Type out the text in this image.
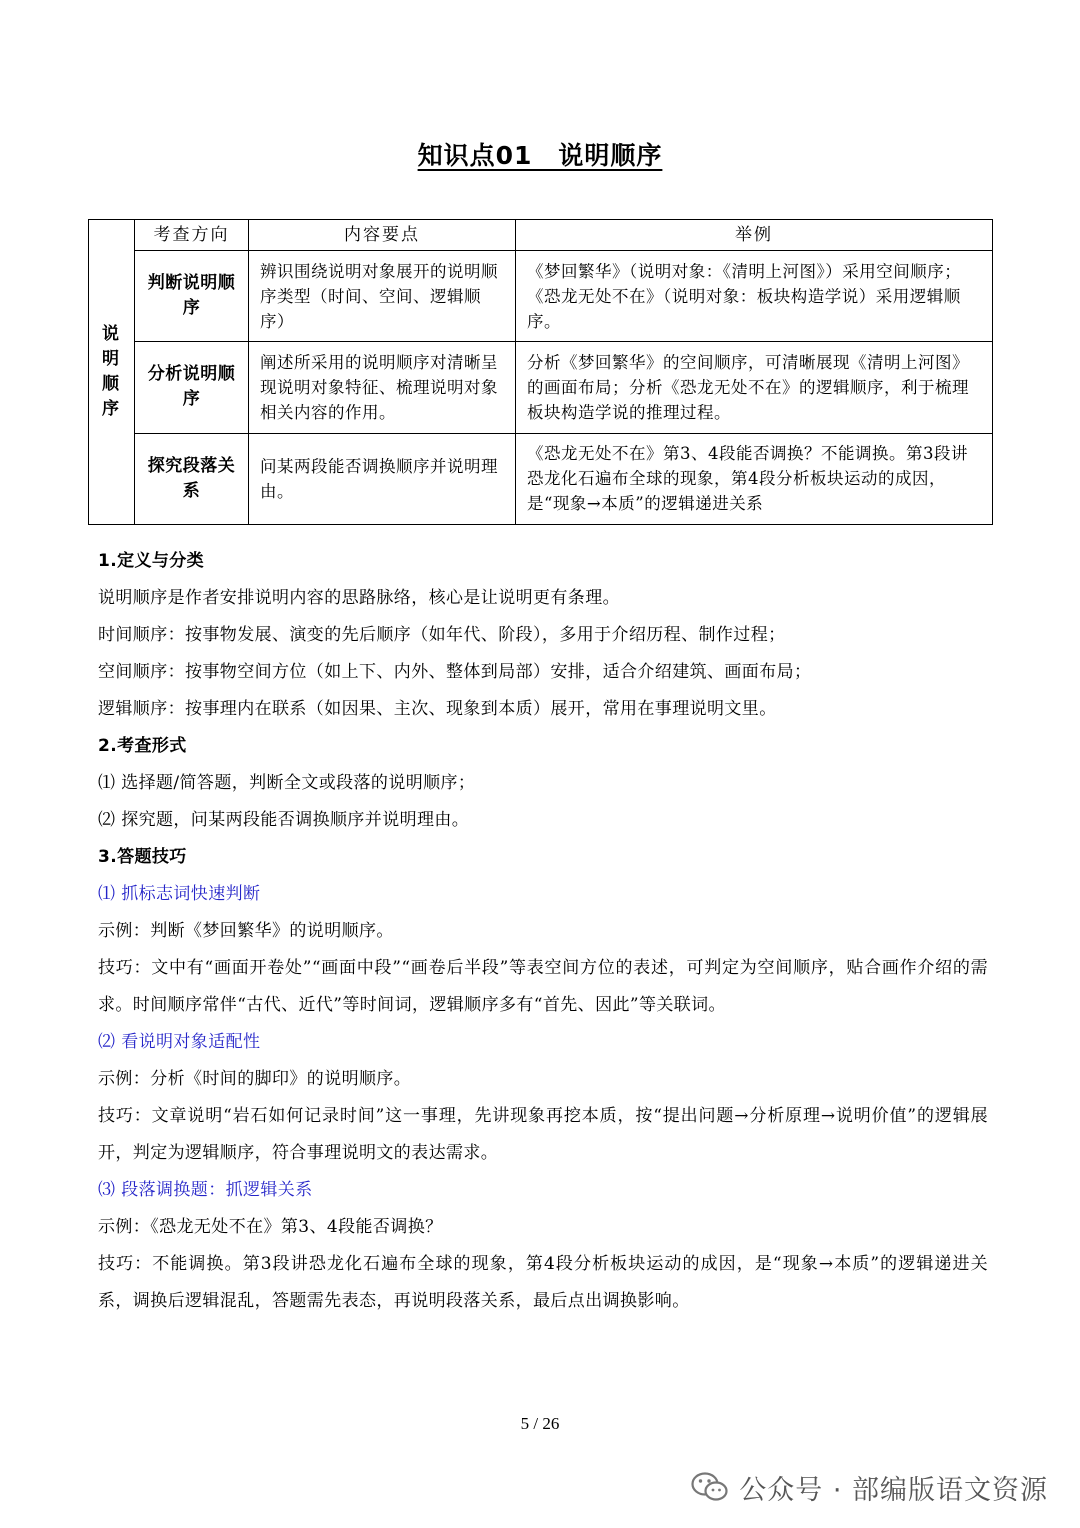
知识点01　说明顺序
说明顺序	考查方向	内容要点	举例
	判断说明顺序	辨识围绕说明对象展开的说明顺序类型（时间、空间、逻辑顺序）	《梦回繁华》（说明对象：《清明上河图》）采用空间顺序；《恐龙无处不在》（说明对象：板块构造学说）采用逻辑顺序。
	分析说明顺序	阐述所采用的说明顺序对清晰呈现说明对象特征、梳理说明对象相关内容的作用。	分析《梦回繁华》的空间顺序，可清晰展现《清明上河图》的画面布局；分析《恐龙无处不在》的逻辑顺序，利于梳理板块构造学说的推理过程。
	探究段落关系	问某两段能否调换顺序并说明理由。	《恐龙无处不在》第3、4段能否调换？不能调换。第3段讲恐龙化石遍布全球的现象，第4段分析板块运动的成因，是“现象→本质”的逻辑递进关系
1.定义与分类
说明顺序是作者安排说明内容的思路脉络，核心是让说明更有条理。
时间顺序：按事物发展、演变的先后顺序（如年代、阶段），多用于介绍历程、制作过程；
空间顺序：按事物空间方位（如上下、内外、整体到局部）安排，适合介绍建筑、画面布局；
逻辑顺序：按事理内在联系（如因果、主次、现象到本质）展开，常用在事理说明文里。
2.考查形式
⑴ 选择题/简答题，判断全文或段落的说明顺序；
⑵ 探究题，问某两段能否调换顺序并说明理由。
3.答题技巧
⑴ 抓标志词快速判断
示例：判断《梦回繁华》的说明顺序。
技巧：文中有“画面开卷处”“画面中段”“画卷后半段”等表空间方位的表述，可判定为空间顺序，贴合画作介绍的需求。时间顺序常伴“古代、近代”等时间词，逻辑顺序多有“首先、因此”等关联词。
⑵ 看说明对象适配性
示例：分析《时间的脚印》的说明顺序。
技巧：文章说明“岩石如何记录时间”这一事理，先讲现象再挖本质，按“提出问题→分析原理→说明价值”的逻辑展开，判定为逻辑顺序，符合事理说明文的表达需求。
⑶ 段落调换题：抓逻辑关系
示例：《恐龙无处不在》第3、4段能否调换？
技巧：不能调换。第3段讲恐龙化石遍布全球的现象，第4段分析板块运动的成因，是“现象→本质”的逻辑递进关系，调换后逻辑混乱，答题需先表态，再说明段落关系，最后点出调换影响。
5 / 26
公众号 · 部编版语文资源
